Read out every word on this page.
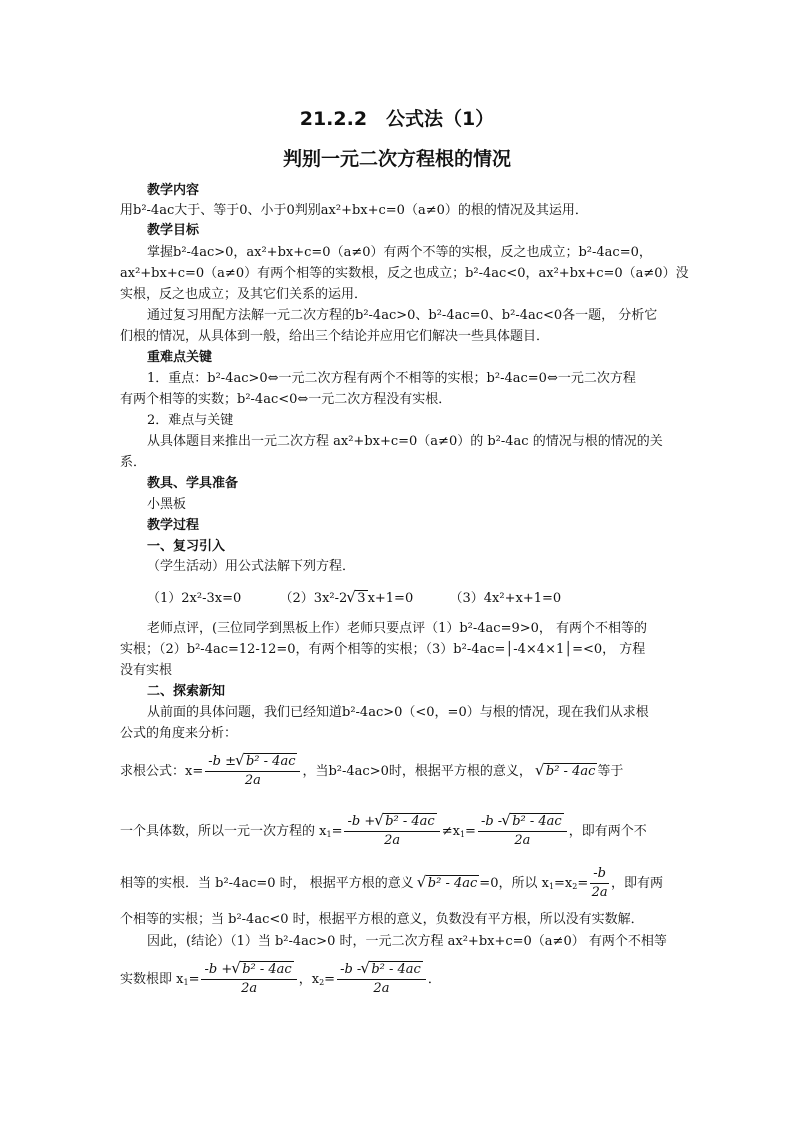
21.2.2　公式法（1）
判别一元二次方程根的情况
教学内容
用b²-4ac大于、等于0、小于0判别ax²+bx+c=0（a≠0）的根的情况及其运用．
教学目标
掌握b²-4ac>0，ax²+bx+c=0（a≠0）有两个不等的实根，反之也成立；b²-4ac=0，
ax²+bx+c=0（a≠0）有两个相等的实数根，反之也成立；b²-4ac<0，ax²+bx+c=0（a≠0）没
实根，反之也成立；及其它们关系的运用．
通过复习用配方法解一元二次方程的b²-4ac>0、b²-4ac=0、b²-4ac<0各一题， 分析它
们根的情况，从具体到一般，给出三个结论并应用它们解决一些具体题目．
重难点关键
1．重点：b²-4ac>0⇔一元二次方程有两个不相等的实根；b²-4ac=0⇔一元二次方程
有两个相等的实数；b²-4ac<0⇔一元二次方程没有实根．
2．难点与关键
从具体题目来推出一元二次方程 ax²+bx+c=0（a≠0）的 b²-4ac 的情况与根的情况的关
系．
教具、学具准备
小黑板
教学过程
一、复习引入
（学生活动）用公式法解下列方程．
（1）2x²-3x=0	（2）3x²-2 √ 3 x+1=0	（3）4x²+x+1=0
老师点评，(三位同学到黑板上作）老师只要点评（1）b²-4ac=9>0， 有两个不相等的
实根；（2）b²-4ac=12-12=0，有两个相等的实根；（3）b²-4ac=│-4×4×1│=<0， 方程
没有实根
二、探索新知
从前面的具体问题，我们已经知道b²-4ac>0（<0，=0）与根的情况，现在我们从求根
公式的角度来分析：
求根公式：$x= \frac{\text{-b ± √ b² - 4ac}}{2a}$ ，当b²-4ac>0时，根据平方根的意义， √ b² - 4ac 等于
一个具体数，所以一元一次方程的 $x_1= \frac{\text{-b + √ b² - 4ac}}{2a} \ne x_1= \frac{\text{-b - √ b² - 4ac}}{2a}$ ，即有两个不
相等的实根．当 b²-4ac=0 时， 根据平方根的意义 √ b² - 4ac =0，所以 $x_1=x_2= \frac{-b}{2a}$ ，即有两
个相等的实根；当 b²-4ac<0 时，根据平方根的意义，负数没有平方根，所以没有实数解．
因此，(结论）（1）当 b²-4ac>0 时，一元二次方程 ax²+bx+c=0（a≠0） 有两个不相等
实数根即 $x_1= \frac{\text{-b + √ b² - 4ac}}{2a}$ ，$x_2= \frac{\text{-b - √ b² - 4ac}}{2a}$ ．
